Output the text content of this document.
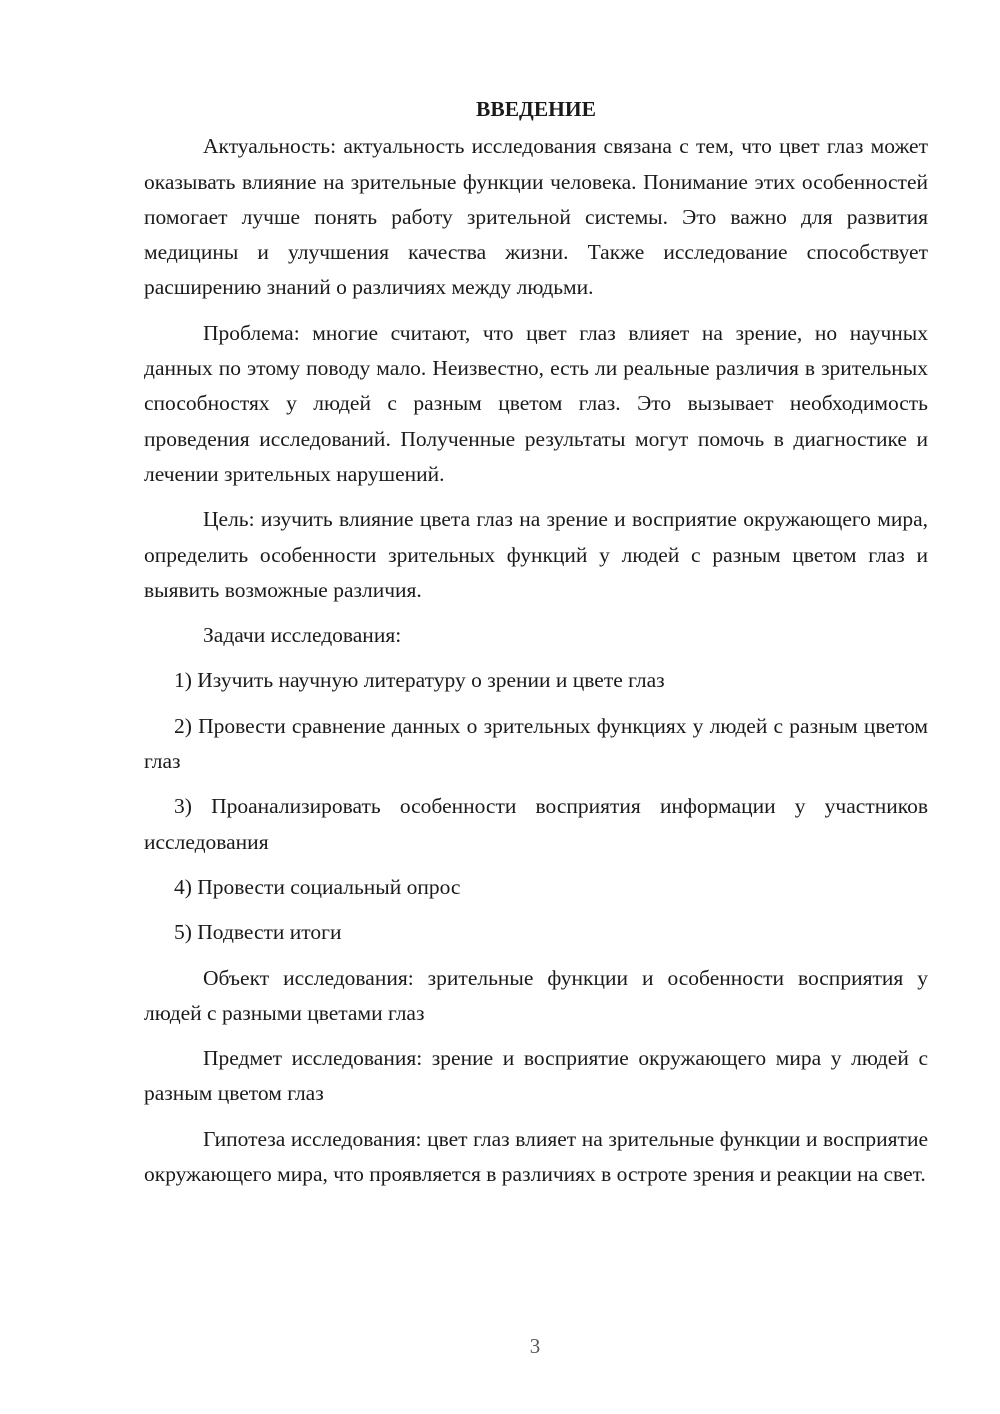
ВВЕДЕНИЕ

Актуальность: актуальность исследования связана с тем, что цвет глаз может оказывать влияние на зрительные функции человека. Понимание этих особенностей помогает лучше понять работу зрительной системы. Это важно для развития медицины и улучшения качества жизни. Также исследование способствует расширению знаний о различиях между людьми.

Проблема: многие считают, что цвет глаз влияет на зрение, но научных данных по этому поводу мало. Неизвестно, есть ли реальные различия в зрительных способностях у людей с разным цветом глаз. Это вызывает необходимость проведения исследований. Полученные результаты могут помочь в диагностике и лечении зрительных нарушений.

Цель: изучить влияние цвета глаз на зрение и восприятие окружающего мира, определить особенности зрительных функций у людей с разным цветом глаз и выявить возможные различия.

Задачи исследования:

1) Изучить научную литературу о зрении и цвете глаз

2) Провести сравнение данных о зрительных функциях у людей с разным цветом глаз

3) Проанализировать особенности восприятия информации у участников исследования

4) Провести социальный опрос

5) Подвести итоги

Объект исследования: зрительные функции и особенности восприятия у людей с разными цветами глаз

Предмет исследования: зрение и восприятие окружающего мира у людей с разным цветом глаз

Гипотеза исследования: цвет глаз влияет на зрительные функции и восприятие окружающего мира, что проявляется в различиях в остроте зрения и реакции на свет.

3
